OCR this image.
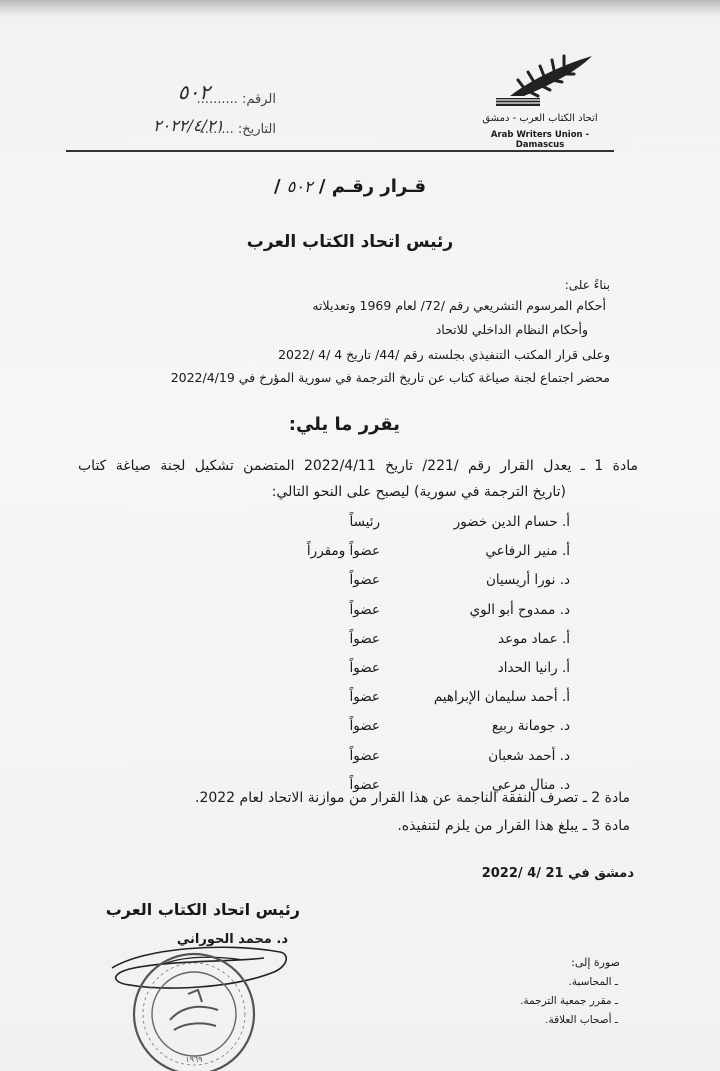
اتحاد الكتاب العرب - دمشق
Arab Writers Union - Damascus
الرقم: ..........
٥٠٢
التاريخ: ........
٢٠٢٢/٤/٢١
قـرار رقـم / ٥٠٢ /
رئيس اتحاد الكتاب العرب
بناءً على:
أحكام المرسوم التشريعي رقم /72/ لعام 1969 وتعديلاته
وأحكام النظام الداخلي للاتحاد
وعلى قرار المكتب التنفيذي بجلسته رقم /44/ تاريخ 4 /4 /2022
محضر اجتماع لجنة صياغة كتاب عن تاريخ الترجمة في سورية المؤرخ في 2022/4/19
يقرر ما يلي:
مادة 1 ـ يعدل القرار رقم /221/ تاريخ 2022/4/11 المتضمن تشكيل لجنة صياغة كتاب
(تاريخ الترجمة في سورية) ليصبح على النحو التالي:
أ. حسام الدين خضور
أ. منير الرفاعي
د. نورا أريسيان
د. ممدوح أبو الوي
أ. عماد موعد
أ. رانيا الحداد
أ. أحمد سليمان الإبراهيم
د. جومانة ربيع
د. أحمد شعبان
د. منال مرعي
رئيساً
عضواً ومقرراً
عضواً
عضواً
عضواً
عضواً
عضواً
عضواً
عضواً
عضواً
مادة 2 ـ تصرف النفقة الناجمة عن هذا القرار من موازنة الاتحاد لعام 2022.
مادة 3 ـ يبلغ هذا القرار من يلزم لتنفيذه.
دمشق في 21 /4 /2022
رئيس اتحاد الكتاب العرب
د. محمد الحوراني
١٩٦٩
صورة إلى:
ـ المحاسبة.
ـ مقرر جمعية الترجمة.
ـ أصحاب العلاقة.
